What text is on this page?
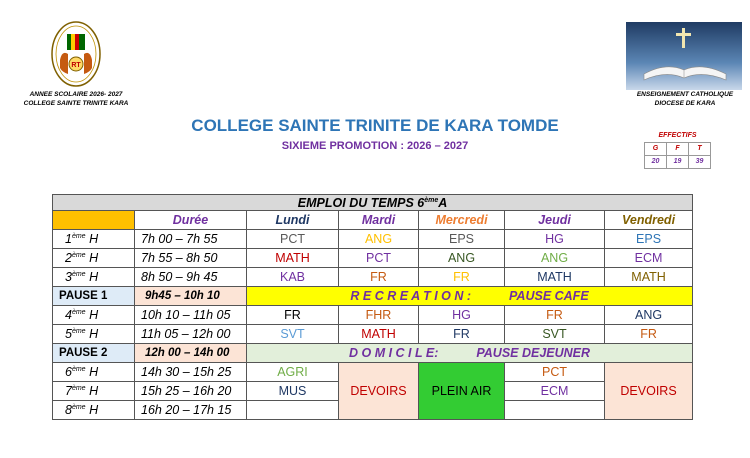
RT
ANNEE SCOLAIRE 2026- 2027
COLLEGE SAINTE TRINITE KARA
ENSEIGNEMENT CATHOLIQUE
DIOCESE DE KARA
COLLEGE SAINTE TRINITE DE KARA TOMDE
SIXIEME PROMOTION : 2026 – 2027
EFFECTIFS		
G	F	T
20	19	39
EMPLOI DU TEMPS 6èmeA						
	Durée	Lundi	Mardi	Mercredi	Jeudi	Vendredi
1ème H	7h 00 – 7h 55	PCT	ANG	EPS	HG	EPS
2ème H	7h 55 – 8h 50	MATH	PCT	ANG	ANG	ECM
3ème H	8h 50 – 9h 45	KAB	FR	FR	MATH	MATH
PAUSE 1	9h45 – 10h 10	R E C R E A T I O N : PAUSE CAFE				
4ème H	10h 10 – 11h 05	FR	FHR	HG	FR	ANG
5ème H	11h 05 – 12h 00	SVT	MATH	FR	SVT	FR
PAUSE 2	12h 00 – 14h 00	D O M I C I L E: PAUSE DEJEUNER				
6ème H	14h 30 – 15h 25	AGRI	DEVOIRS	PLEIN AIR	PCT	DEVOIRS
7ème H	15h 25 – 16h 20	MUS			ECM	
8ème H	16h 20 – 17h 15					
